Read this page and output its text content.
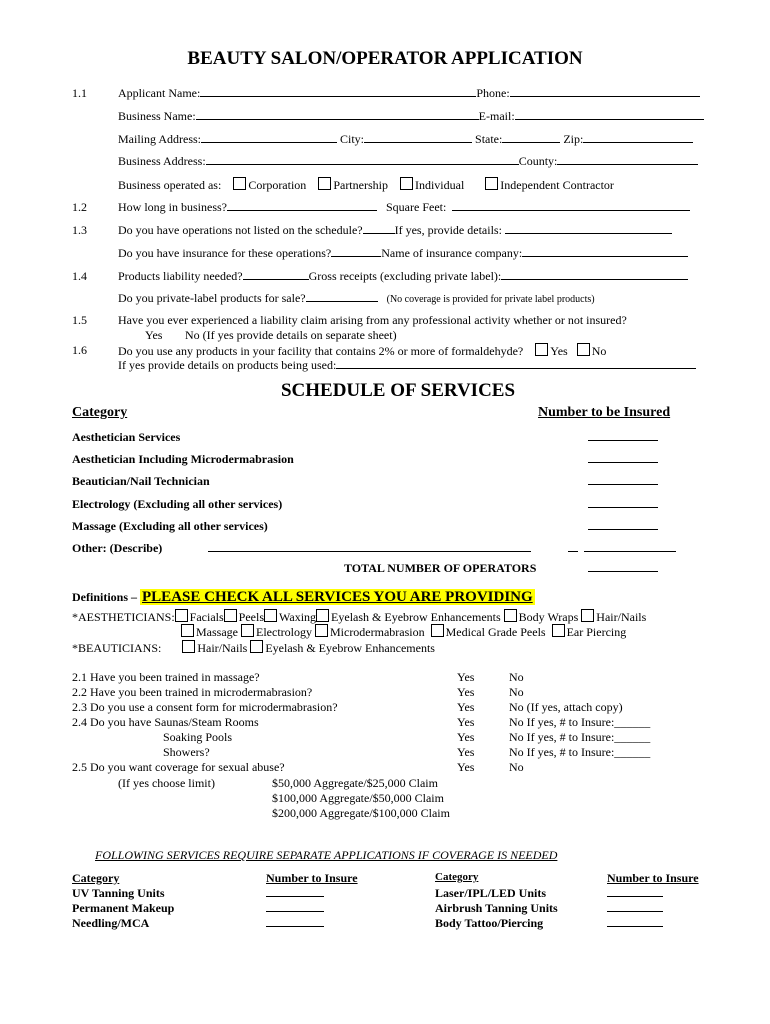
BEAUTY SALON/OPERATOR APPLICATION
1.1	Applicant Name:	Phone:
Business Name:	E-mail:
Mailing Address:	City:	State:	Zip:
Business Address:	County:
Business operated as: Corporation Partnership Individual	Independent Contractor
1.2	How long in business?	Square Feet:
1.3	Do you have operations not listed on the schedule?	If yes, provide details:
Do you have insurance for these operations?	Name of insurance company:
1.4	Products liability needed?	Gross receipts (excluding private label):
Do you private-label products for sale?	(No coverage is provided for private label products)
1.5	Have you ever experienced a liability claim arising from any professional activity whether or not insured?
Yes No (If yes provide details on separate sheet)
1.6	Do you use any products in your facility that contains 2% or more of formaldehyde? Yes No
If yes provide details on products being used:
SCHEDULE OF SERVICES
Category	Number to be Insured
Aesthetician Services
Aesthetician Including Microdermabrasion
Beautician/Nail Technician
Electrology (Excluding all other services)
Massage (Excluding all other services)
Other: (Describe)

TOTAL NUMBER OF OPERATORS
Definitions – PLEASE CHECK ALL SERVICES YOU ARE PROVIDING
*AESTHETICIANS: Facials Peels Waxing Eyelash & Eyebrow Enhancements Body Wraps Hair/Nails
Massage Electrology Microdermabrasion Medical Grade Peels Ear Piercing
*BEAUTICIANS:	Hair/Nails Eyelash & Eyebrow Enhancements
2.1 Have you been trained in massage?	Yes	No
2.2 Have you been trained in microdermabrasion?	Yes	No
2.3 Do you use a consent form for microdermabrasion?	Yes	No (If yes, attach copy)
2.4 Do you have Saunas/Steam Rooms	Yes	No If yes, # to Insure:______
Soaking Pools	Yes	No If yes, # to Insure:______
Showers?	Yes	No If yes, # to Insure:______
2.5 Do you want coverage for sexual abuse?	Yes	No
(If yes choose limit)	$50,000 Aggregate/$25,000 Claim
$100,000 Aggregate/$50,000 Claim
$200,000 Aggregate/$100,000 Claim
FOLLOWING SERVICES REQUIRE SEPARATE APPLICATIONS IF COVERAGE IS NEEDED
Category	Number to Insure
UV Tanning Units
Permanent Makeup
Needling/MCA
Category	Number to Insure
Laser/IPL/LED Units
Airbrush Tanning Units
Body Tattoo/Piercing
